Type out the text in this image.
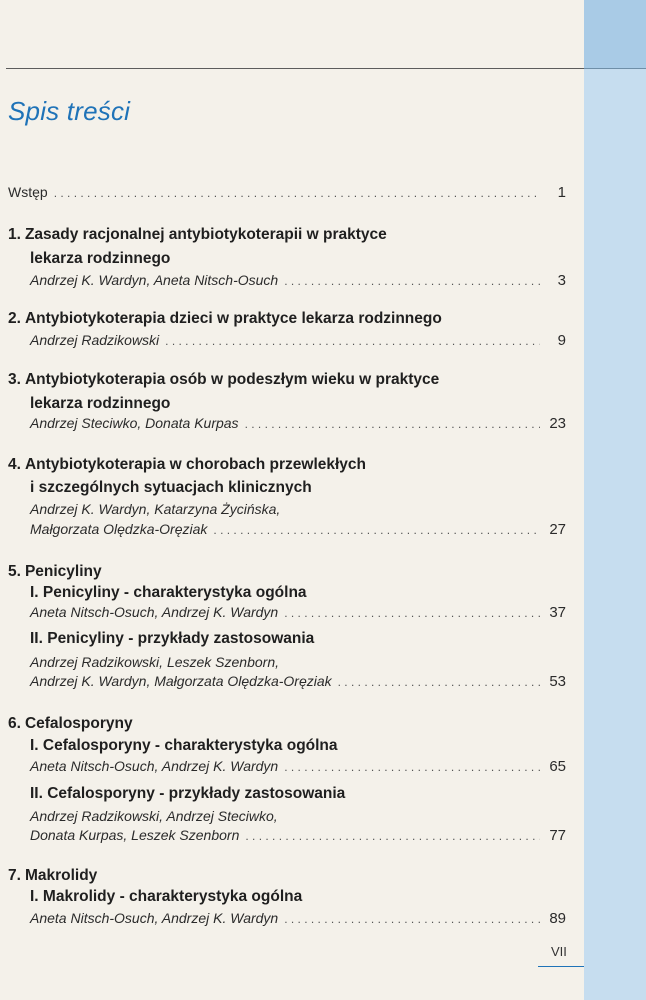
Spis treści
Wstęp . . .	1
1. Zasady racjonalnej antybiotykoterapii w praktyce
lekarza rodzinnego
Andrzej K. Wardyn, Aneta Nitsch-Osuch . . .	3
2. Antybiotykoterapia dzieci w praktyce lekarza rodzinnego
Andrzej Radzikowski . . .	9
3. Antybiotykoterapia osób w podeszłym wieku w praktyce
lekarza rodzinnego
Andrzej Steciwko, Donata Kurpas . . .	23
4. Antybiotykoterapia w chorobach przewlekłych
i szczególnych sytuacjach klinicznych
Andrzej K. Wardyn, Katarzyna Życińska,
Małgorzata Olędzka-Oręziak . . .	27
5. Penicyliny
I. Penicyliny - charakterystyka ogólna
Aneta Nitsch-Osuch, Andrzej K. Wardyn . . .	37
II. Penicyliny - przykłady zastosowania
Andrzej Radzikowski, Leszek Szenborn,
Andrzej K. Wardyn, Małgorzata Olędzka-Oręziak . . .	53
6. Cefalosporyny
I. Cefalosporyny - charakterystyka ogólna
Aneta Nitsch-Osuch, Andrzej K. Wardyn . . .	65
II. Cefalosporyny - przykłady zastosowania
Andrzej Radzikowski, Andrzej Steciwko,
Donata Kurpas, Leszek Szenborn . . .	77
7. Makrolidy
I. Makrolidy - charakterystyka ogólna
Aneta Nitsch-Osuch, Andrzej K. Wardyn . . .	89
VII
